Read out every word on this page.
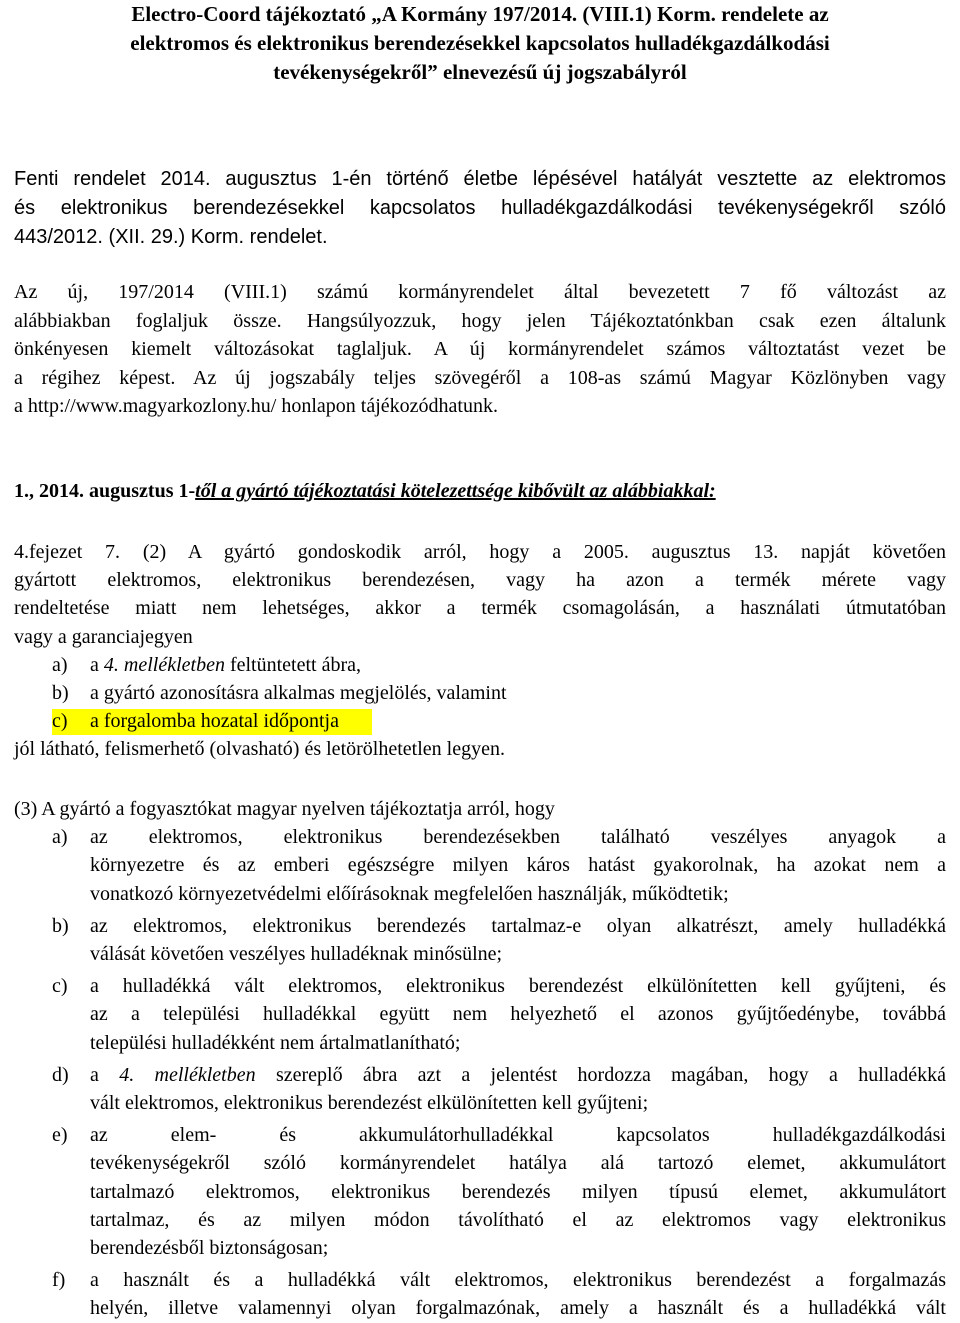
Electro-Coord tájékoztató „A Kormány 197/2014. (VIII.1) Korm. rendelete az
elektromos és elektronikus berendezésekkel kapcsolatos hulladékgazdálkodási
tevékenységekről” elnevezésű új jogszabályról
Fenti rendelet 2014. augusztus 1-én történő életbe lépésével hatályát vesztette az elektromos
és elektronikus berendezésekkel kapcsolatos hulladékgazdálkodási tevékenységekről szóló
443/2012. (XII. 29.) Korm. rendelet.
Az új, 197/2014 (VIII.1) számú kormányrendelet által bevezetett 7 fő változást az
alábbiakban foglaljuk össze. Hangsúlyozzuk, hogy jelen Tájékoztatónkban csak ezen általunk
önkényesen kiemelt változásokat taglaljuk. A új kormányrendelet számos változtatást vezet be
a régihez képest. Az új jogszabály teljes szövegéről a 108-as számú Magyar Közlönyben vagy
a http://www.magyarkozlony.hu/ honlapon tájékozódhatunk.
1., 2014. augusztus 1-től a gyártó tájékoztatási kötelezettsége kibővült az alábbiakkal:
4.fejezet 7. (2) A gyártó gondoskodik arról, hogy a 2005. augusztus 13. napját követően
gyártott elektromos, elektronikus berendezésen, vagy ha azon a termék mérete vagy
rendeltetése miatt nem lehetséges, akkor a termék csomagolásán, a használati útmutatóban
vagy a garanciajegyen
a) a 4. mellékletben feltüntetett ábra,
b) a gyártó azonosításra alkalmas megjelölés, valamint
c) a forgalomba hozatal időpontja
jól látható, felismerhető (olvasható) és letörölhetetlen legyen.
(3) A gyártó a fogyasztókat magyar nyelven tájékoztatja arról, hogy
a) az elektromos, elektronikus berendezésekben található veszélyes anyagok a
környezetre és az emberi egészségre milyen káros hatást gyakorolnak, ha azokat nem a
vonatkozó környezetvédelmi előírásoknak megfelelően használják, működtetik;
b) az elektromos, elektronikus berendezés tartalmaz-e olyan alkatrészt, amely hulladékká
válását követően veszélyes hulladéknak minősülne;
c) a hulladékká vált elektromos, elektronikus berendezést elkülönítetten kell gyűjteni, és
az a települési hulladékkal együtt nem helyezhető el azonos gyűjtőedénybe, továbbá
települési hulladékként nem ártalmatlanítható;
d) a 4. mellékletben szereplő ábra azt a jelentést hordozza magában, hogy a hulladékká
vált elektromos, elektronikus berendezést elkülönítetten kell gyűjteni;
e) az elem- és akkumulátorhulladékkal kapcsolatos hulladékgazdálkodási
tevékenységekről szóló kormányrendelet hatálya alá tartozó elemet, akkumulátort
tartalmazó elektromos, elektronikus berendezés milyen típusú elemet, akkumulátort
tartalmaz, és az milyen módon távolítható el az elektromos vagy elektronikus
berendezésből biztonságosan;
f) a használt és a hulladékká vált elektromos, elektronikus berendezést a forgalmazás
helyén, illetve valamennyi olyan forgalmazónak, amely a használt és a hulladékká vált
